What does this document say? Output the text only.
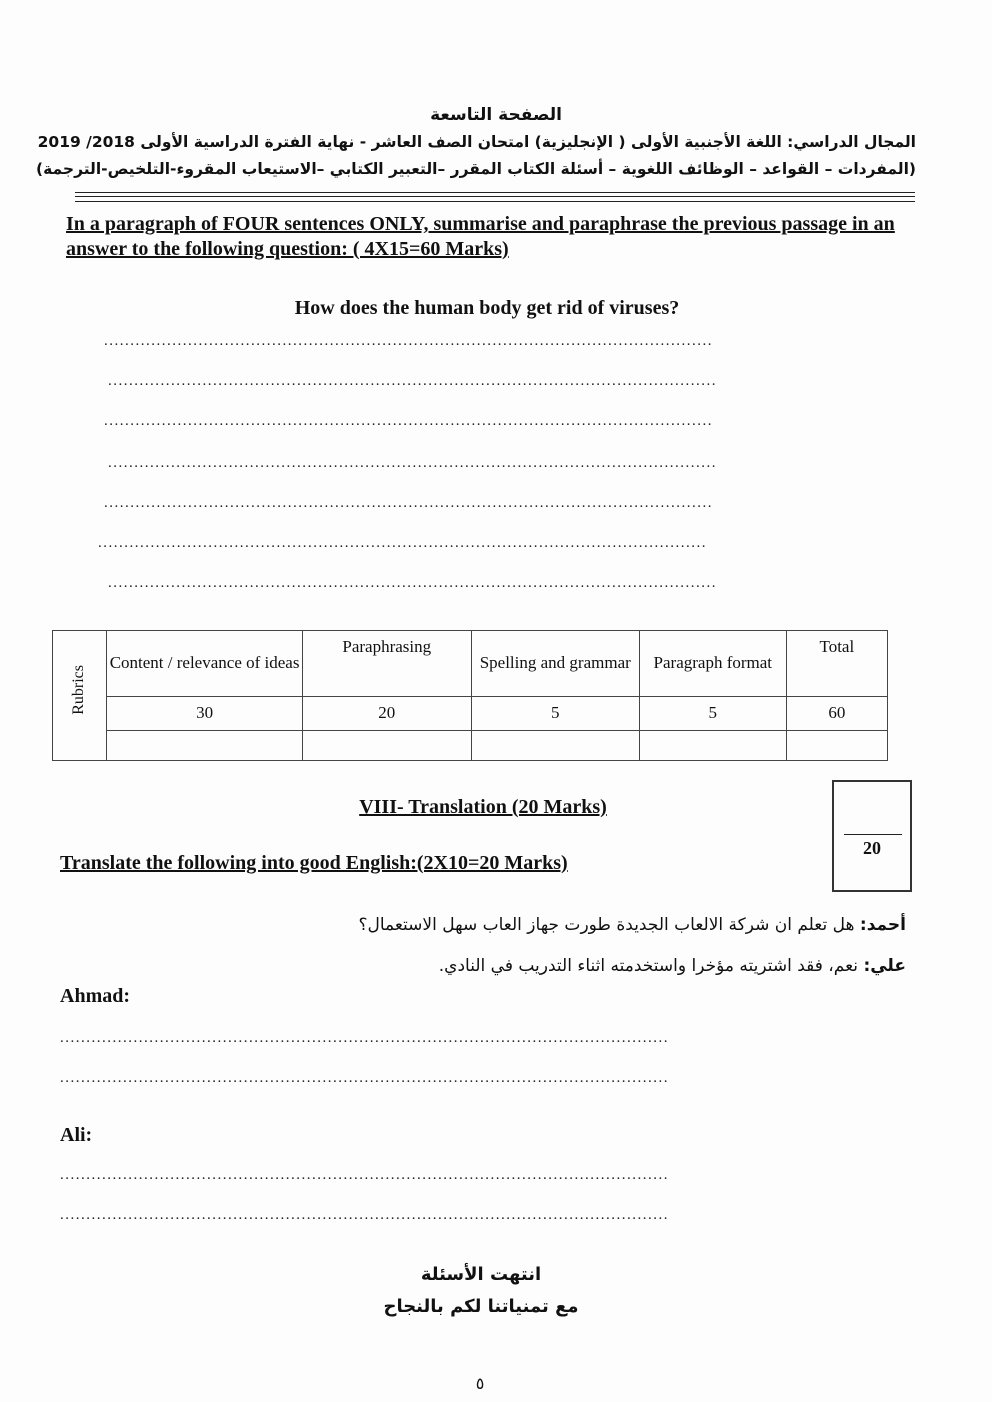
الصفحة التاسعة
المجال الدراسي: اللغة الأجنبية الأولى ( الإنجليزية) امتحان الصف العاشر - نهاية الفترة الدراسية الأولى 2018/ 2019
(المفردات – القواعد – الوظائف اللغوية – أسئلة الكتاب المقرر –التعبير الكتابي –الاستيعاب المقروء-التلخيص-الترجمة)
In a paragraph of FOUR sentences ONLY, summarise and paraphrase the previous passage in an answer to the following question: ( 4X15=60 Marks)
How does the human body get rid of viruses?
....................................................................................................................
....................................................................................................................
....................................................................................................................
....................................................................................................................
....................................................................................................................
....................................................................................................................
....................................................................................................................
Rubrics	Content / relevance of ideas	Paraphrasing	Spelling and grammar	Paragraph format	Total
	30	20	5	5	60

VIII- Translation (20 Marks)
20
Translate the following into good English:(2X10=20 Marks)
أحمد: هل تعلم ان شركة الالعاب الجديدة طورت جهاز العاب سهل الاستعمال؟
علي: نعم، فقد اشتريته مؤخرا واستخدمته اثناء التدريب في النادي.
Ahmad:
....................................................................................................................
....................................................................................................................
Ali:
....................................................................................................................
....................................................................................................................
انتهت الأسئلة
مع تمنياتنا لكم بالنجاح
٥
